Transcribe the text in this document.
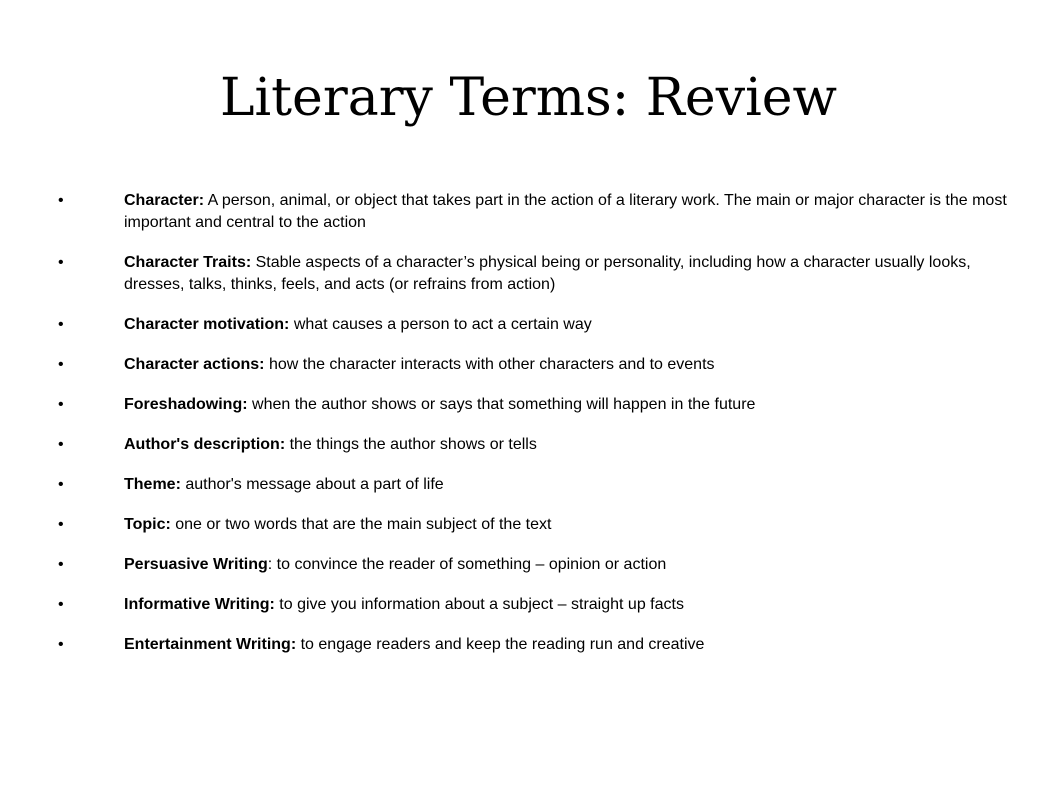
Literary Terms: Review
•	Character: A person, animal, or object that takes part in the action of a literary work. The main or major character is the most important and central to the action
•	Character Traits: Stable aspects of a character’s physical being or personality, including how a character usually looks, dresses, talks, thinks, feels, and acts (or refrains from action)
•	Character motivation: what causes a person to act a certain way
•	Character actions: how the character interacts with other characters and to events
•	Foreshadowing: when the author shows or says that something will happen in the future
•	Author's description: the things the author shows or tells
•	Theme: author's message about a part of life
•	Topic: one or two words that are the main subject of the text
•	Persuasive Writing: to convince the reader of something – opinion or action
•	Informative Writing: to give you information about a subject – straight up facts
•	Entertainment Writing: to engage readers and keep the reading run and creative
